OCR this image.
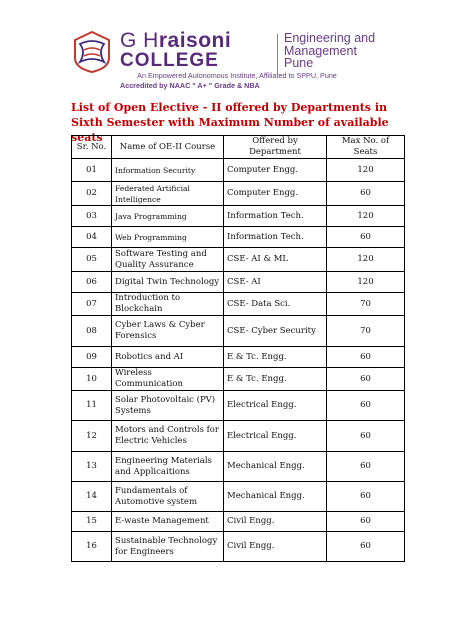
G Hraisoni
COLLEGE
Engineering and
Management
Pune
An Empowered Autonomous Institute, Affiliated to SPPU, Pune
Accredited by NAAC " A+ " Grade & NBA
List of Open Elective - II offered by Departments in Sixth Semester with Maximum Number of available seats
Sr. No.	Name of OE-II Course	Offered by Department	Max No. of Seats
01	Information Security	Computer Engg.	120
02	Federated Artificial Intelligence	Computer Engg.	60
03	Java Programming	Information Tech.	120
04	Web Programming	Information Tech.	60
05	Software Testing and Quality Assurance	CSE- AI & ML	120
06	Digital Twin Technology	CSE- AI	120
07	Introduction to Blockchain	CSE- Data Sci.	70
08	Cyber Laws & Cyber Forensics	CSE- Cyber Security	70
09	Robotics and AI	E & Tc. Engg.	60
10	Wireless Communication	E & Tc. Engg.	60
11	Solar Photovoltaic (PV) Systems	Electrical Engg.	60
12	Motors and Controls for Electric Vehicles	Electrical Engg.	60
13	Engineering Materials and Applicaitions	Mechanical Engg.	60
14	Fundamentals of Automotive system	Mechanical Engg.	60
15	E-waste Management	Civil Engg.	60
16	Sustainable Technology for Engineers	Civil Engg.	60
